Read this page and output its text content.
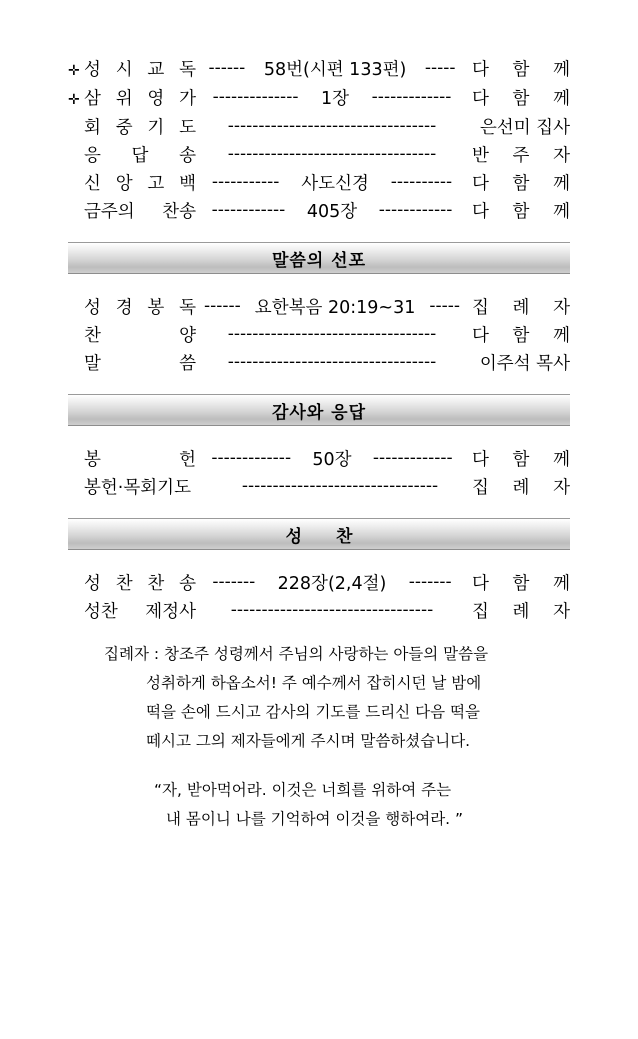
✛ 성 시 교 독 ------	58번(시편 133편)	----- 다 함 께
✛ 삼 위 영 가 --------------	1장	-------------	다 함 께
회 중 기 도	----------------------------------	은선미 집사
응 답 송	----------------------------------	반 주 자
신 앙 고 백 -----------	사도신경	----------	다 함 께
금주의 찬송 ------------	405장	------------	다 함 께
말씀의 선포
성 경 봉 독 ------ 요한복음 20:19~31 ----- 집 례 자
찬 양	----------------------------------	다 함 께
말 씀	----------------------------------	이주석 목사
감사와 응답
봉 헌 -------------	50장	-------------	다 함 께
봉헌·목회기도	--------------------------------	집 례 자
성 찬
성 찬 찬 송 -------	228장(2,4절)	-------	다 함 께
성찬 제정사	---------------------------------	집 례 자

집례자 : 창조주 성령께서 주님의 사랑하는 아들의 말씀을

성취하게 하옵소서! 주 예수께서 잡히시던 날 밤에

떡을 손에 드시고 감사의 기도를 드리신 다음 떡을

떼시고 그의 제자들에게 주시며 말씀하셨습니다.

“자, 받아먹어라. 이것은 너희를 위하여 주는

내 몸이니 나를 기억하여 이것을 행하여라. ”
